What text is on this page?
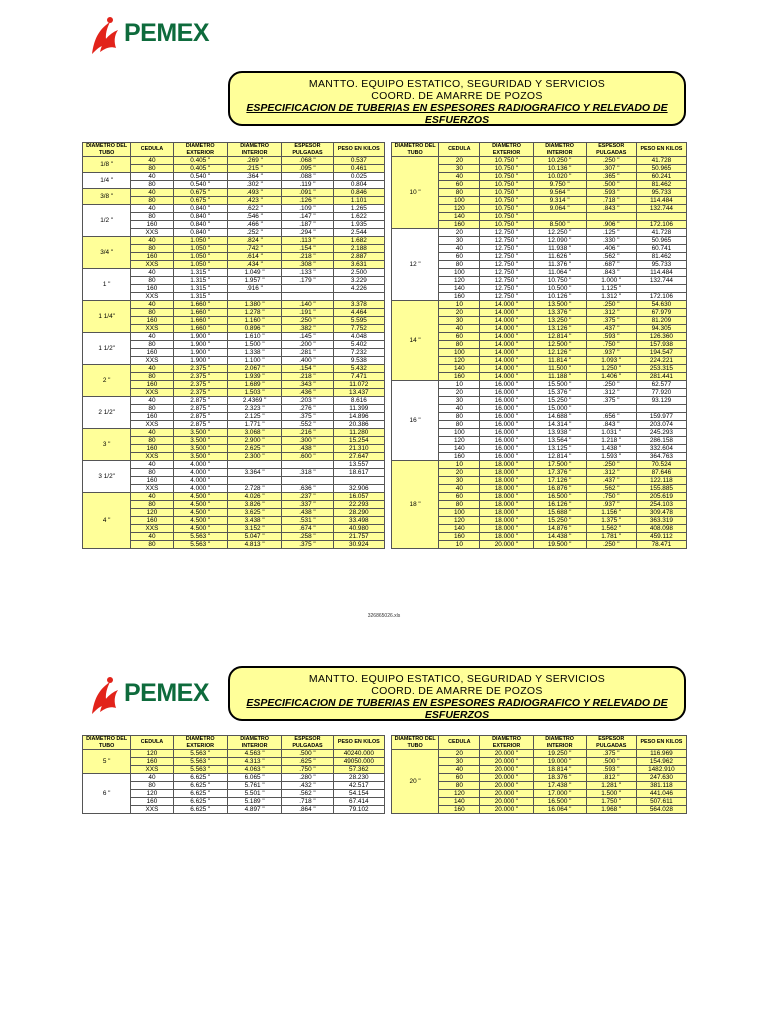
PEMEX
MANTTO. EQUIPO ESTATICO, SEGURIDAD Y SERVICIOS
COORD. DE AMARRE DE POZOS
ESPECIFICACION DE TUBERIAS EN ESPESORES RADIOGRAFICO Y RELEVADO DE ESFUERZOS
DIAMETRO DEL TUBO	CEDULA	DIAMETRO EXTERIOR	DIAMETRO INTERIOR	ESPESOR PULGADAS	PESO EN KILOS
1/8 "	40	0.405 "	.269 "	.068 "	0.537
	80	0.405 "	.215 "	.095 "	0.461
1/4 "	40	0.540 "	.364 "	.088 "	0.025
	80	0.540 "	.302 "	.119 "	0.804
3/8 "	40	0.675 "	.493 "	.091 "	0.846
	80	0.675 "	.423 "	.126 "	1.101
1/2 "	40	0.840 "	.622 "	.109 "	1.265
	80	0.840 "	.546 "	.147 "	1.622
	160	0.840 "	.466 "	.187 "	1.935
	XXS	0.840 "	.252 "	.294 "	2.544
3/4 "	40	1.050 "	.824 "	.113 "	1.682
	80	1.050 "	.742 "	.154 "	2.188
	160	1.050 "	.614 "	.218 "	2.887
	XXS	1.050 "	.434 "	.308 "	3.631
1 "	40	1.315 "	1.049 "	.133 "	2.500
	80	1.315 "	1.957 "	.179 "	3.229
	160	1.315 "	.916 "		4.226
	XXS	1.315 "			
1 1/4"	40	1.660 "	1.380 "	.140 "	3.378
	80	1.660 "	1.278 "	.191 "	4.464
	160	1.660 "	1.160 "	.250 "	5.595
	XXS	1.660 "	0.896 "	.382 "	7.752
1 1/2"	40	1.900 "	1.610 "	.145 "	4.048
	80	1.900 "	1.500 "	.200 "	5.402
	160	1.900 "	1.338 "	.281 "	7.232
	XXS	1.900 "	1.100 "	.400 "	9.538
2 "	40	2.375 "	2.067 "	.154 "	5.432
	80	2.375 "	1.939 "	.218 "	7.471
	160	2.375 "	1.689 "	.343 "	11.072
	XXS	2.375 "	1.503 "	.436 "	13.437
2 1/2"	40	2.875 "	2.4369 "	.203 "	8.616
	80	2.875 "	2.323 "	.276 "	11.399
	160	2.875 "	2.125 "	.375 "	14.896
	XXS	2.875 "	1.771 "	.552 "	20.386
3 "	40	3.500 "	3.068 "	.216 "	11.280
	80	3.500 "	2.900 "	.300 "	15.254
	160	3.500 "	2.625 "	.438 "	21.310
	XXS	3.500 "	2.300 "	.600 "	27.647
3 1/2"	40	4.000 "			13.557
	80	4.000 "	3.364 "	.318 "	18.617
	160	4.000 "			
	XXS	4.000 "	2.728 "	.636 "	32.906
4 "	40	4.500 "	4.026 "	.237 "	16.057
	80	4.500 "	3.826 "	.337 "	22.293
	120	4.500 "	3.625 "	.438 "	28.290
	160	4.500 "	3.438 "	.531 "	33.498
	XXS	4.500 "	3.152 "	.674 "	40.980
	40	5.563 "	5.047 "	.258 "	21.757
	80	5.563 "	4.813 "	.375 "	30.924
DIAMETRO DEL TUBO	CEDULA	DIAMETRO EXTERIOR	DIAMETRO INTERIOR	ESPESOR PULGADAS	PESO EN KILOS
10 "	20	10.750 "	10.250 "	.250 "	41.728
	30	10.750 "	10.136 "	.307 "	50.965
	40	10.750 "	10.020 "	.365 "	60.241
	60	10.750 "	9.750 "	.500 "	81.462
	80	10.750 "	9.564 "	.593 "	95.733
	100	10.750 "	9.314 "	.718 "	114.484
	120	10.750 "	9.064 "	.843 "	132.744
	140	10.750 "			
	160	10.750 "	8.500 "	.906 "	172.106
12 "	20	12.750 "	12.250 "	.125 "	41.728
	30	12.750 "	12.090 "	.330 "	50.965
	40	12.750 "	11.938 "	.406 "	60.741
	60	12.750 "	11.626 "	.562 "	81.462
	80	12.750 "	11.376 "	.687 "	95.733
	100	12.750 "	11.064 "	.843 "	114.484
	120	12.750 "	10.750 "	1.000 "	132.744
	140	12.750 "	10.500 "	1.125 "	
	160	12.750 "	10.126 "	1.312 "	172.106
14 "	10	14.000 "	13.500 "	.250 "	54.630
	20	14.000 "	13.376 "	.312 "	67.979
	30	14.000 "	13.250 "	.375 "	81.209
	40	14.000 "	13.126 "	.437 "	94.305
	60	14.000 "	12.814 "	.593 "	126.360
	80	14.000 "	12.500 "	.750 "	157.938
	100	14.000 "	12.126 "	.937 "	194.547
	120	14.000 "	11.814 "	1.093 "	224.221
	140	14.000 "	11.500 "	1.250 "	253.315
	160	14.000 "	11.188 "	1.406 "	281.441
16 "	10	16.000 "	15.500 "	.250 "	62.577
	20	16.000 "	15.376 "	.312 "	77.920
	30	16.000 "	15.250 "	.375 "	93.129
	40	16.000 "	15.000 "		
	80	16.000 "	14.688 "	.656 "	159.977
	80	16.000 "	14.314 "	.843 "	203.074
	100	16.000 "	13.938 "	1.031 "	245.293
	120	16.000 "	13.564 "	1.218 "	286.158
	140	16.000 "	13.125 "	1.438 "	332.604
	160	16.000 "	12.814 "	1.593 "	364.763
18 "	10	18.000 "	17.500 "	.250 "	70.524
	20	18.000 "	17.376 "	.312 "	87.646
	30	18.000 "	17.126 "	.437 "	122.118
	40	18.000 "	16.876 "	.562 "	155.885
	60	18.000 "	16.500 "	.750 "	205.619
	80	18.000 "	16.126 "	.937 "	254.103
	100	18.000 "	15.688 "	1.156 "	309.478
	120	18.000 "	15.250 "	1.375 "	363.319
	140	18.000 "	14.876 "	1.562 "	408.098
	160	18.000 "	14.438 "	1.781 "	459.112
	10	20.000 "	19.500 "	.250 "	78.471
326865026.xls
PEMEX	MANTTO. EQUIPO ESTATICO, SEGURIDAD Y SERVICIOS
COORD. DE AMARRE DE POZOS
ESPECIFICACION DE TUBERIAS EN ESPESORES RADIOGRAFICO Y RELEVADO DE ESFUERZOS
DIAMETRO DEL TUBO	CEDULA	DIAMETRO EXTERIOR	DIAMETRO INTERIOR	ESPESOR PULGADAS	PESO EN KILOS
5 "	120	5.563 "	4.563 "	.500 "	40240.000
	160	5.563 "	4.313 "	.625 "	49050.000
	XXS	5.563 "	4.063 "	.750 "	57.362
6 "	40	6.625 "	6.065 "	.280 "	28.230
	80	6.625 "	5.761 "	.432 "	42.517
	120	6.625 "	5.501 "	.562 "	54.154
	160	6.625 "	5.189 "	.718 "	67.414
	XXS	6.625 "	4.897 "	.864 "	79.102
DIAMETRO DEL TUBO	CEDULA	DIAMETRO EXTERIOR	DIAMETRO INTERIOR	ESPESOR PULGADAS	PESO EN KILOS
20 "	20	20.000 "	19.250 "	.375 "	116.969
	30	20.000 "	19.000 "	.500 "	154.962
	40	20.000 "	18.814 "	.593 "	1482.910
	60	20.000 "	18.376 "	.812 "	247.630
	80	20.000 "	17.438 "	1.281 "	381.118
	120	20.000 "	17.000 "	1.500 "	441.046
	140	20.000 "	16.500 "	1.750 "	507.611
	160	20.000 "	16.064 "	1.968 "	564.028
